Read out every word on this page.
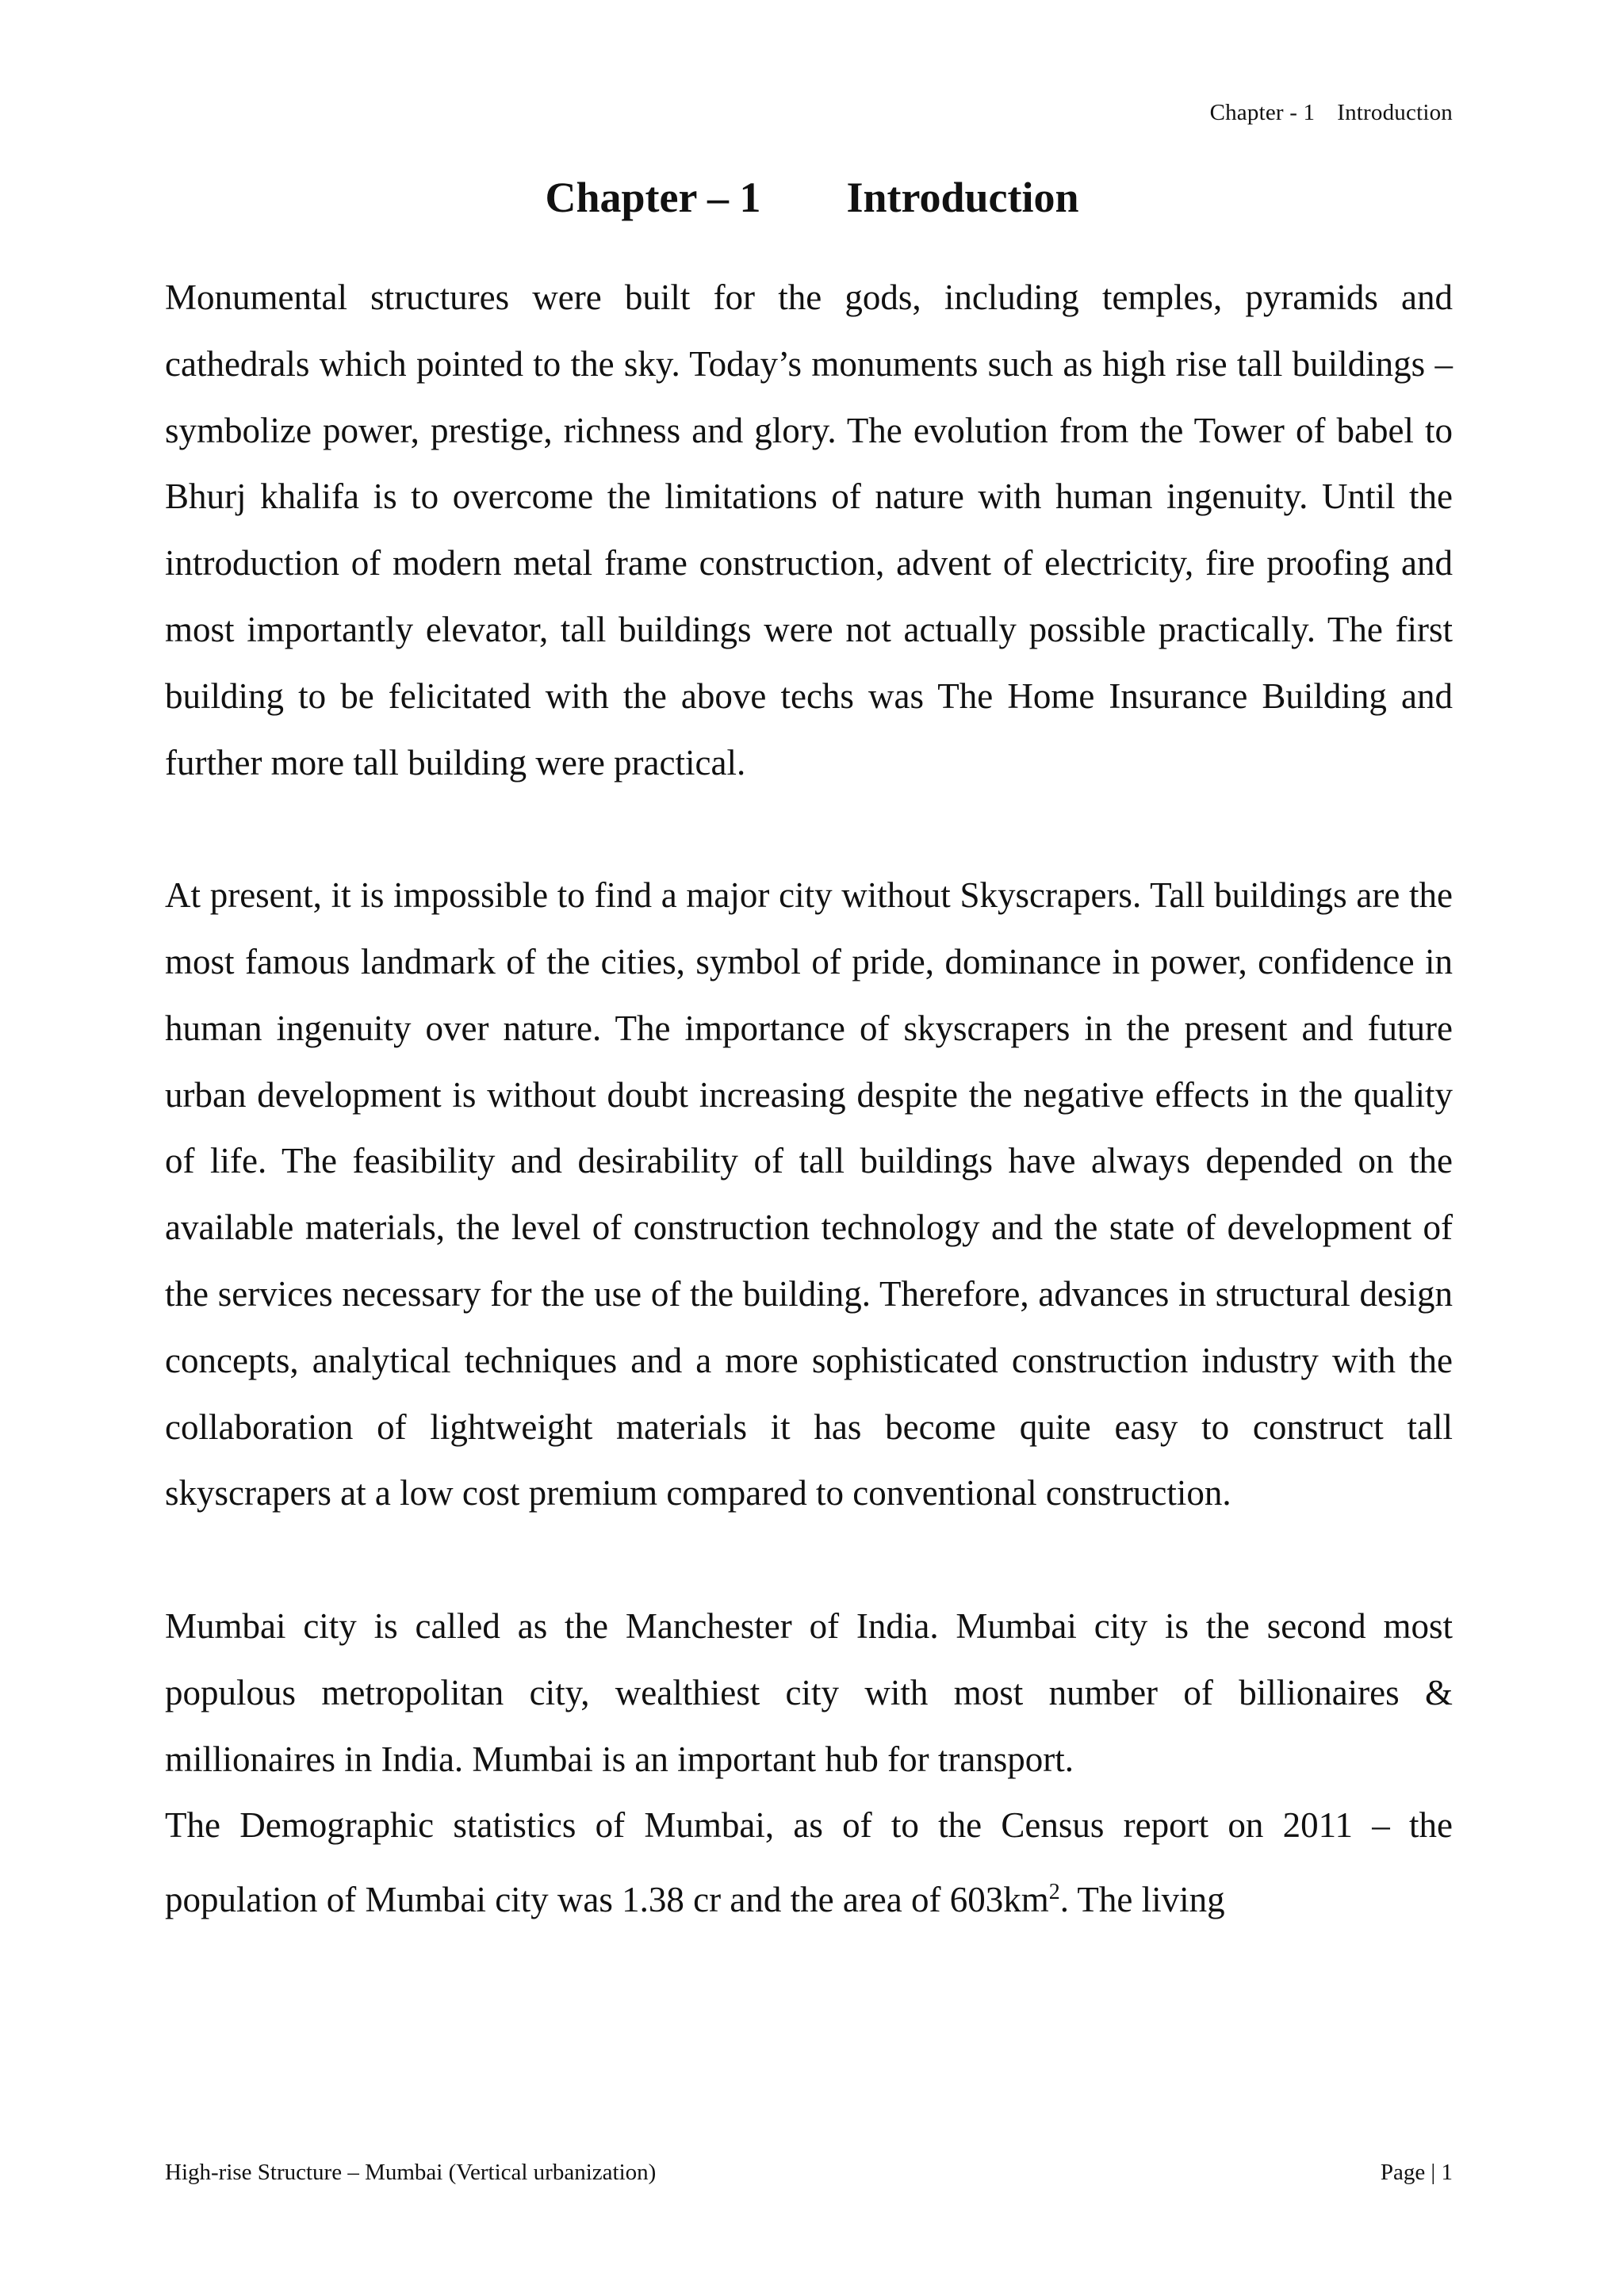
Chapter - 1 Introduction
Chapter – 1 Introduction

Monumental structures were built for the gods, including temples, pyramids and cathedrals which pointed to the sky. Today’s monuments such as high rise tall buildings –symbolize power, prestige, richness and glory. The evolution from the Tower of babel to Bhurj khalifa is to overcome the limitations of nature with human ingenuity. Until the introduction of modern metal frame construction, advent of electricity, fire proofing and most importantly elevator, tall buildings were not actually possible practically. The first building to be felicitated with the above techs was The Home Insurance Building and further more tall building were practical.

At present, it is impossible to find a major city without Skyscrapers. Tall buildings are the most famous landmark of the cities, symbol of pride, dominance in power, confidence in human ingenuity over nature. The importance of skyscrapers in the present and future urban development is without doubt increasing despite the negative effects in the quality of life. The feasibility and desirability of tall buildings have always depended on the available materials, the level of construction technology and the state of development of the services necessary for the use of the building. Therefore, advances in structural design concepts, analytical techniques and a more sophisticated construction industry with the collaboration of lightweight materials it has become quite easy to construct tall skyscrapers at a low cost premium compared to conventional construction.

Mumbai city is called as the Manchester of India. Mumbai city is the second most populous metropolitan city, wealthiest city with most number of billionaires & millionaires in India. Mumbai is an important hub for transport.
The Demographic statistics of Mumbai, as of to the Census report on 2011 – the population of Mumbai city was 1.38 cr and the area of $603km^2$. The living

High-rise Structure – Mumbai (Vertical urbanization)	Page | 1
